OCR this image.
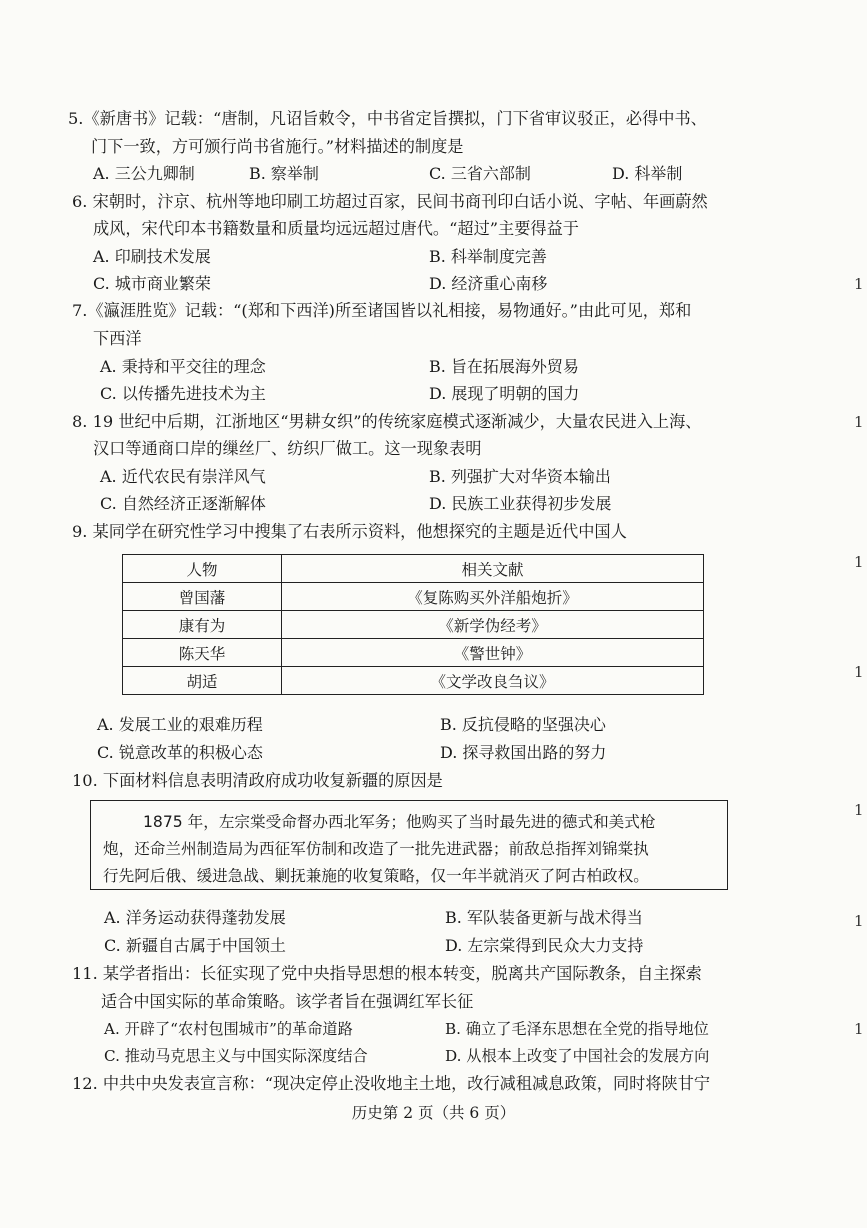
5.《新唐书》记载：“唐制，凡诏旨敕令，中书省定旨撰拟，门下省审议驳正，必得中书、
门下一致，方可颁行尚书省施行。”材料描述的制度是
A. 三公九卿制	B. 察举制	C. 三省六部制	D. 科举制
6. 宋朝时，汴京、杭州等地印刷工坊超过百家，民间书商刊印白话小说、字帖、年画蔚然
成风，宋代印本书籍数量和质量均远远超过唐代。“超过”主要得益于
A. 印刷技术发展	B. 科举制度完善
C. 城市商业繁荣	D. 经济重心南移
7.《瀛涯胜览》记载：“(郑和下西洋)所至诸国皆以礼相接，易物通好。”由此可见，郑和
下西洋
A. 秉持和平交往的理念	B. 旨在拓展海外贸易
C. 以传播先进技术为主	D. 展现了明朝的国力
8. 19 世纪中后期，江浙地区“男耕女织”的传统家庭模式逐渐减少，大量农民进入上海、
汉口等通商口岸的缫丝厂、纺织厂做工。这一现象表明
A. 近代农民有崇洋风气	B. 列强扩大对华资本输出
C. 自然经济正逐渐解体	D. 民族工业获得初步发展
9. 某同学在研究性学习中搜集了右表所示资料，他想探究的主题是近代中国人
人物	相关文献
曾国藩	《复陈购买外洋船炮折》
康有为	《新学伪经考》
陈天华	《警世钟》
胡适	《文学改良刍议》
A. 发展工业的艰难历程	B. 反抗侵略的坚强决心
C. 锐意改革的积极心态	D. 探寻救国出路的努力
10. 下面材料信息表明清政府成功收复新疆的原因是
1875 年，左宗棠受命督办西北军务；他购买了当时最先进的德式和美式枪
炮，还命兰州制造局为西征军仿制和改造了一批先进武器；前敌总指挥刘锦棠执
行先阿后俄、缓进急战、剿抚兼施的收复策略，仅一年半就消灭了阿古柏政权。
A. 洋务运动获得蓬勃发展	B. 军队装备更新与战术得当
C. 新疆自古属于中国领土	D. 左宗棠得到民众大力支持
11. 某学者指出：长征实现了党中央指导思想的根本转变，脱离共产国际教条，自主探索
适合中国实际的革命策略。该学者旨在强调红军长征
A. 开辟了“农村包围城市”的革命道路	B. 确立了毛泽东思想在全党的指导地位
C. 推动马克思主义与中国实际深度结合	D. 从根本上改变了中国社会的发展方向
12. 中共中央发表宣言称：“现决定停止没收地主土地，改行减租减息政策，同时将陕甘宁
历史第 2 页（共 6 页）
1
1
1
1
1
1
1
